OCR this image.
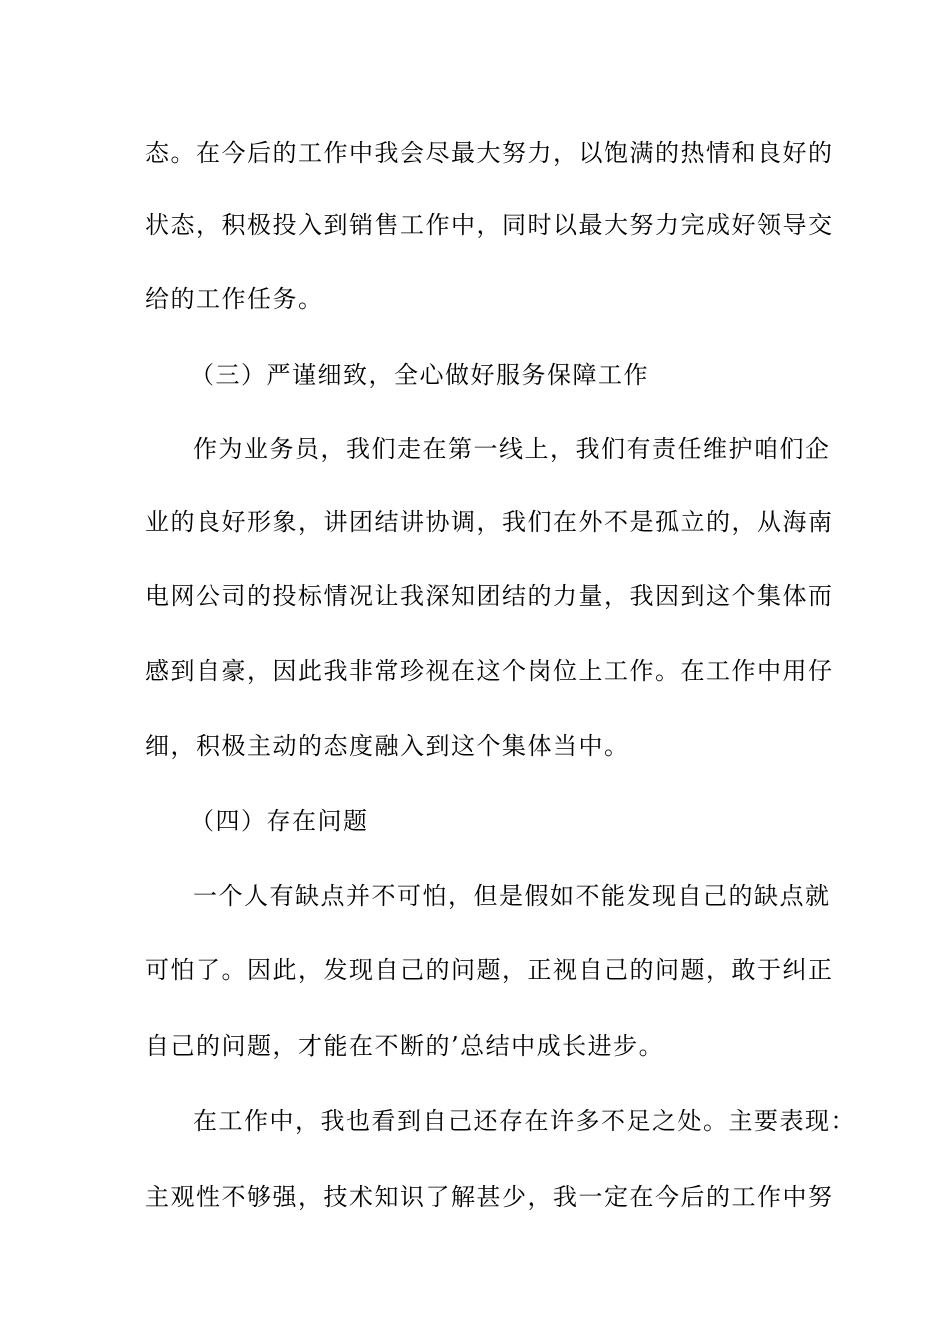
态。在今后的工作中我会尽最大努力，以饱满的热情和良好的
状态，积极投入到销售工作中，同时以最大努力完成好领导交
给的工作任务。
（三）严谨细致，全心做好服务保障工作
作为业务员，我们走在第一线上，我们有责任维护咱们企
业的良好形象，讲团结讲协调，我们在外不是孤立的，从海南
电网公司的投标情况让我深知团结的力量，我因到这个集体而
感到自豪，因此我非常珍视在这个岗位上工作。在工作中用仔
细，积极主动的态度融入到这个集体当中。
（四）存在问题
一个人有缺点并不可怕，但是假如不能发现自己的缺点就
可怕了。因此，发现自己的问题，正视自己的问题，敢于纠正
自己的问题，才能在不断的’总结中成长进步。
在工作中，我也看到自己还存在许多不足之处。主要表现：
主观性不够强，技术知识了解甚少，我一定在今后的工作中努
